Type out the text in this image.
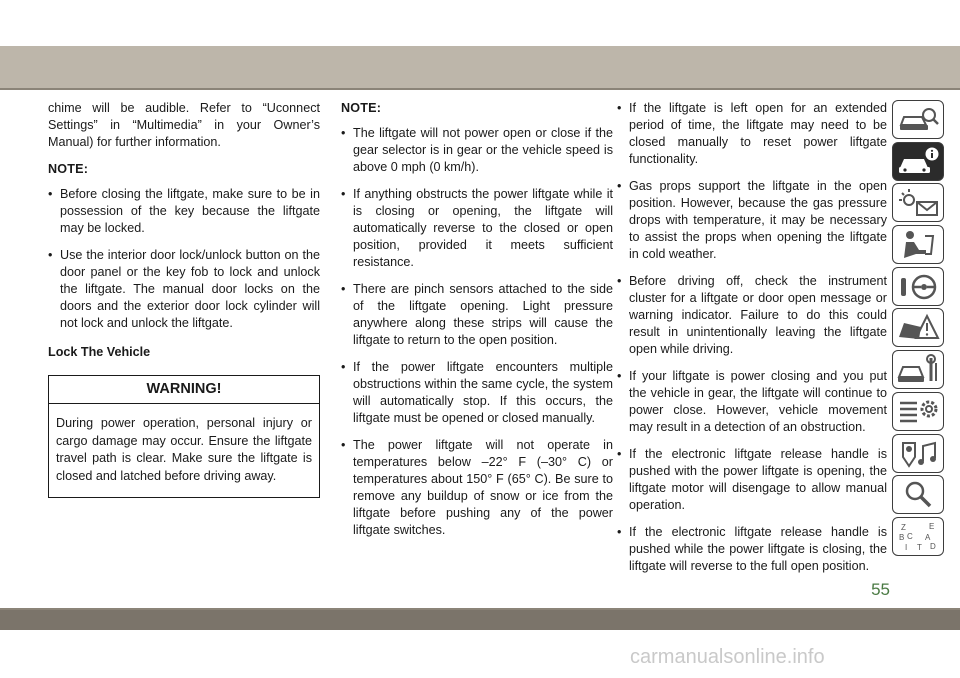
chime will be audible. Refer to “Uconnect Settings” in “Multimedia” in your Owner’s Manual) for further information.

NOTE:

• Before closing the liftgate, make sure to be in possession of the key because the liftgate may be locked.

• Use the interior door lock/unlock button on the door panel or the key fob to lock and unlock the liftgate. The manual door locks on the doors and the exterior door lock cylinder will not lock and unlock the liftgate.

Lock The Vehicle

WARNING!
During power operation, personal injury or cargo damage may occur. Ensure the liftgate travel path is clear. Make sure the liftgate is closed and latched before driving away.

NOTE:

• The liftgate will not power open or close if the gear selector is in gear or the vehicle speed is above 0 mph (0 km/h).

• If anything obstructs the power liftgate while it is closing or opening, the liftgate will automatically reverse to the closed or open position, provided it meets sufficient resistance.

• There are pinch sensors attached to the side of the liftgate opening. Light pressure anywhere along these strips will cause the liftgate to return to the open position.

• If the power liftgate encounters multiple obstructions within the same cycle, the system will automatically stop. If this occurs, the liftgate must be opened or closed manually.

• The power liftgate will not operate in temperatures below –22° F (–30° C) or temperatures about 150° F (65° C). Be sure to remove any buildup of snow or ice from the liftgate before pushing any of the power liftgate switches.

• If the liftgate is left open for an extended period of time, the liftgate may need to be closed manually to reset power liftgate functionality.

• Gas props support the liftgate in the open position. However, because the gas pressure drops with temperature, it may be necessary to assist the props when opening the liftgate in cold weather.

• Before driving off, check the instrument cluster for a liftgate or door open message or warning indicator. Failure to do this could result in unintentionally leaving the liftgate open while driving.

• If your liftgate is power closing and you put the vehicle in gear, the liftgate will continue to power close. However, vehicle movement may result in a detection of an obstruction.

• If the electronic liftgate release handle is pushed with the power liftgate is opening, the liftgate motor will disengage to allow manual operation.

• If the electronic liftgate release handle is pushed while the power liftgate is closing, the liftgate will reverse to the full open position.

Z	E
B	A
C
D
I T
55
carmanualsonline.info
